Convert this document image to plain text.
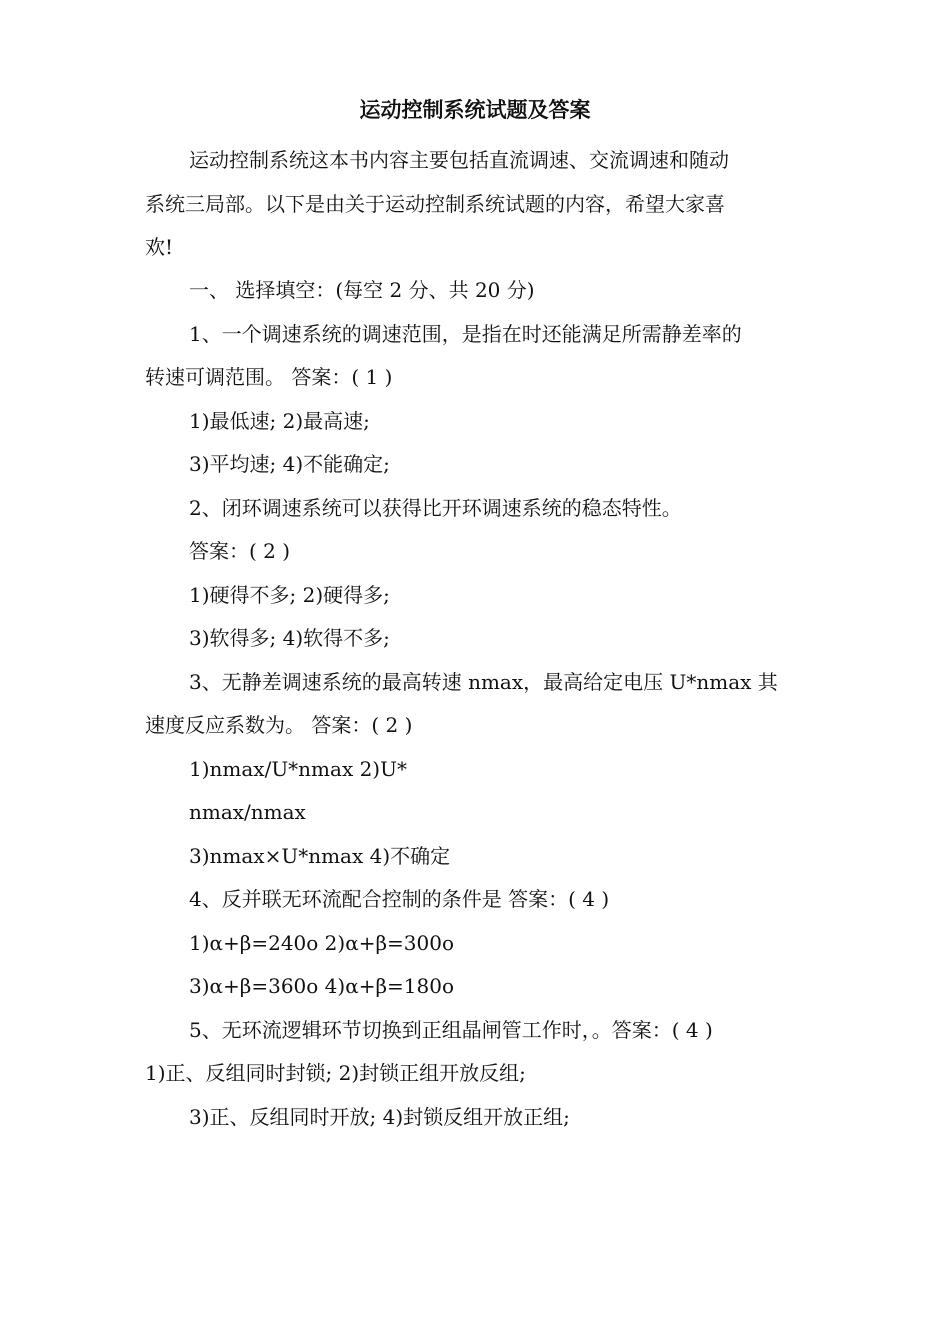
运动控制系统试题及答案
运动控制系统这本书内容主要包括直流调速、交流调速和随动
系统三局部。以下是由关于运动控制系统试题的内容，希望大家喜
欢!
一、 选择填空：(每空 2 分、共 20 分)
1、一个调速系统的调速范围，是指在时还能满足所需静差率的
转速可调范围。 答案：( 1 )
1)最低速; 2)最高速;
3)平均速; 4)不能确定;
2、闭环调速系统可以获得比开环调速系统的稳态特性。
答案：( 2 )
1)硬得不多; 2)硬得多;
3)软得多; 4)软得不多;
3、无静差调速系统的最高转速 nmax，最高给定电压 U*nmax 其
速度反应系数为。 答案：( 2 )
1)nmax/U*nmax 2)U*
nmax/nmax
3)nmax×U*nmax 4)不确定
4、反并联无环流配合控制的条件是 答案：( 4 )
1)α+β=240o 2)α+β=300o
3)α+β=360o 4)α+β=180o
5、无环流逻辑环节切换到正组晶闸管工作时，。答案：( 4 )
1)正、反组同时封锁; 2)封锁正组开放反组;
3)正、反组同时开放; 4)封锁反组开放正组;
